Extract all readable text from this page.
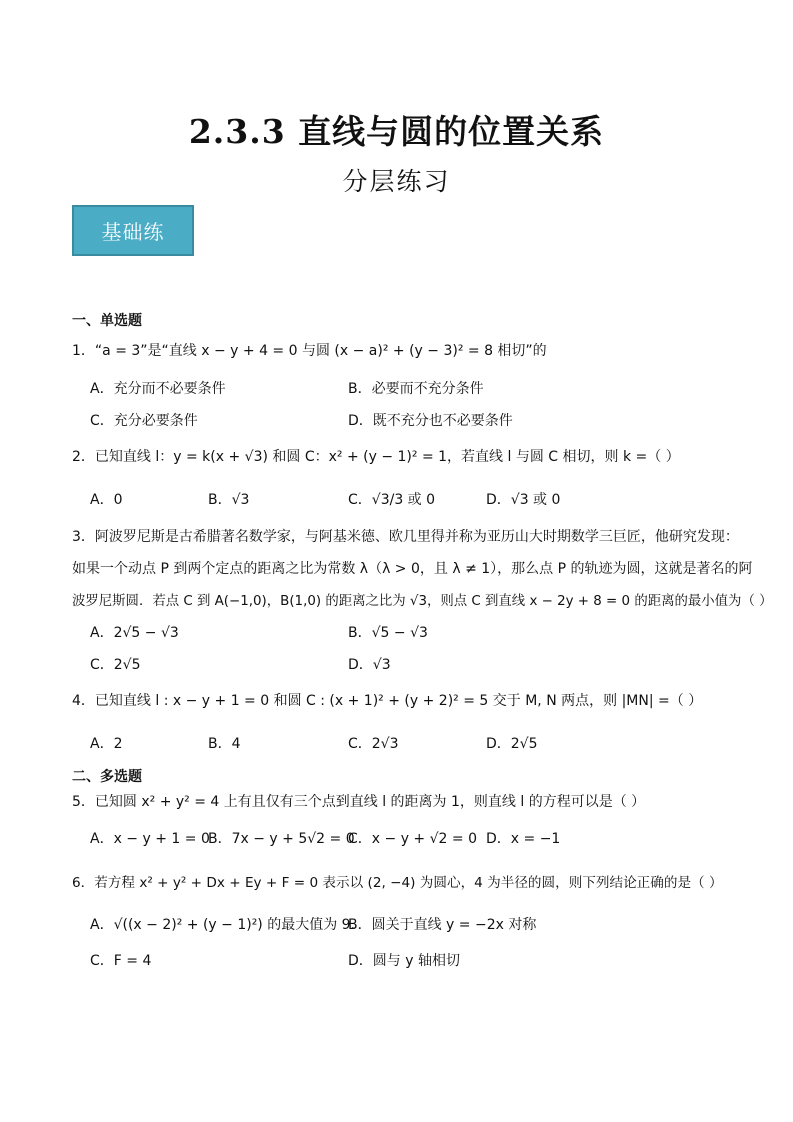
2.3.3 直线与圆的位置关系
分层练习
基础练
一、单选题
1．“a = 3”是“直线 x − y + 4 = 0 与圆 (x − a)² + (y − 3)² = 8 相切”的
A．充分而不必要条件	B．必要而不充分条件
C．充分必要条件	D．既不充分也不必要条件
2．已知直线 l：y = k(x + √3) 和圆 C：x² + (y − 1)² = 1，若直线 l 与圆 C 相切，则 k =（ ）
A．0	B．√3	C．√3/3 或 0	D．√3 或 0
3．阿波罗尼斯是古希腊著名数学家，与阿基米德、欧几里得并称为亚历山大时期数学三巨匠，他研究发现：
如果一个动点 P 到两个定点的距离之比为常数 λ（λ > 0，且 λ ≠ 1），那么点 P 的轨迹为圆，这就是著名的阿
波罗尼斯圆．若点 C 到 A(−1,0)，B(1,0) 的距离之比为 √3，则点 C 到直线 x − 2y + 8 = 0 的距离的最小值为（ ）
A．2√5 − √3	B．√5 − √3
C．2√5	D．√3
4．已知直线 l : x − y + 1 = 0 和圆 C : (x + 1)² + (y + 2)² = 5 交于 M, N 两点，则 |MN| =（ ）
A．2	B．4	C．2√3	D．2√5
二、多选题
5．已知圆 x² + y² = 4 上有且仅有三个点到直线 l 的距离为 1，则直线 l 的方程可以是（ ）
A．x − y + 1 = 0
B．7x − y + 5√2 = 0
C．x − y + √2 = 0 D．x = −1
6．若方程 x² + y² + Dx + Ey + F = 0 表示以 (2, −4) 为圆心，4 为半径的圆，则下列结论正确的是（ ）
A．√((x − 2)² + (y − 1)²) 的最大值为 9．
B．圆关于直线 y = −2x 对称
C．F = 4	D．圆与 y 轴相切
